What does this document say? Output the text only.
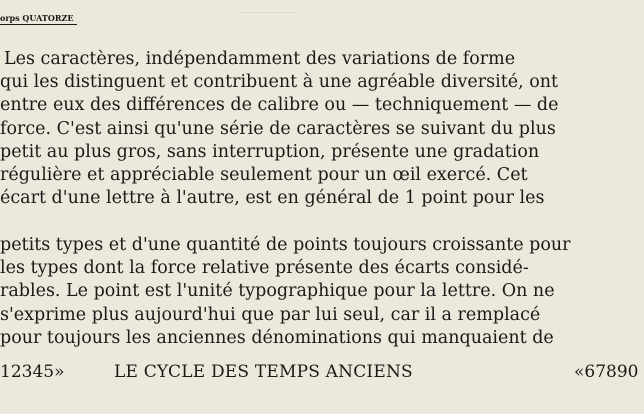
orps QUATORZE

Les caractères, indépendamment des variations de forme
qui les distinguent et contribuent à une agréable diversité, ont
entre eux des différences de calibre ou — techniquement — de
force. C'est ainsi qu'une série de caractères se suivant du plus
petit au plus gros, sans interruption, présente une gradation
régulière et appréciable seulement pour un œil exercé. Cet
écart d'une lettre à l'autre, est en général de 1 point pour les

petits types et d'une quantité de points toujours croissante pour
les types dont la force relative présente des écarts considé-
rables. Le point est l'unité typographique pour la lettre. On ne
s'exprime plus aujourd'hui que par lui seul, car il a remplacé
pour toujours les anciennes dénominations qui manquaient de

12345»	LE CYCLE DES TEMPS ANCIENS	«67890
